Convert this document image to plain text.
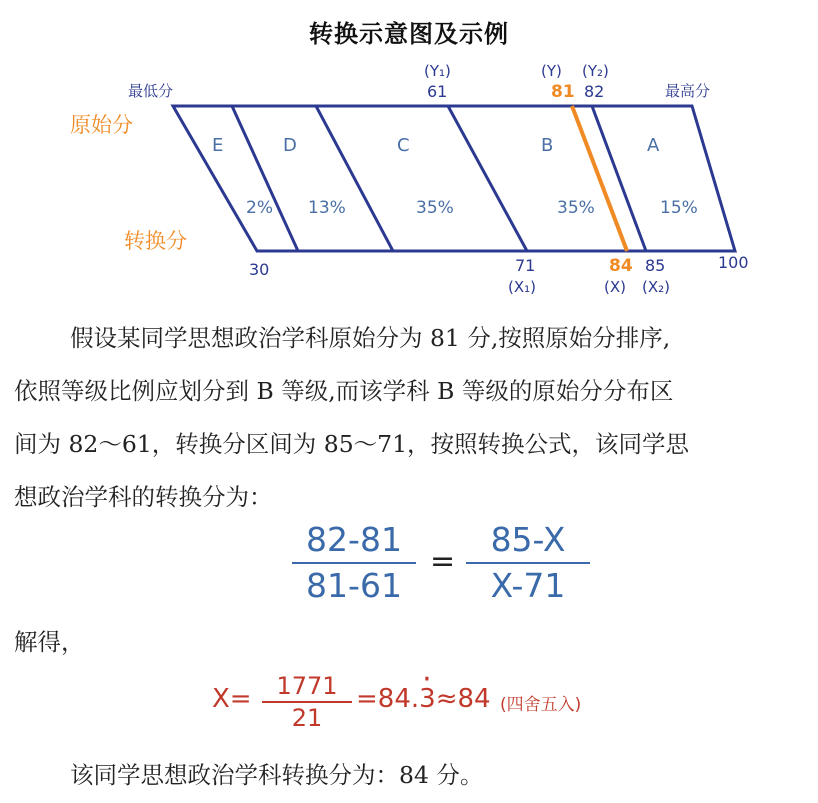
转换示意图及示例
原始分
转换分
最低分	最高分
E	D	C	B	A
2% 13%	35%	35%	15%
(Y₁)
61
(Y)
81
(Y₂)
82
30	71
(X₁)
84
(X)
85
(X₂)
100
假设某同学思想政治学科原始分为 81 分,按照原始分排序,
依照等级比例应划分到 B 等级,而该学科 B 等级的原始分分布区
间为 82～61，转换分区间为 85～71，按照转换公式，该同学思
想政治学科的转换分为：
82-81
81-61
=
85-X
X-71
解得，
X=	1771
21
=84.· 3≈84 (四舍五入)
该同学思想政治学科转换分为：84 分。
